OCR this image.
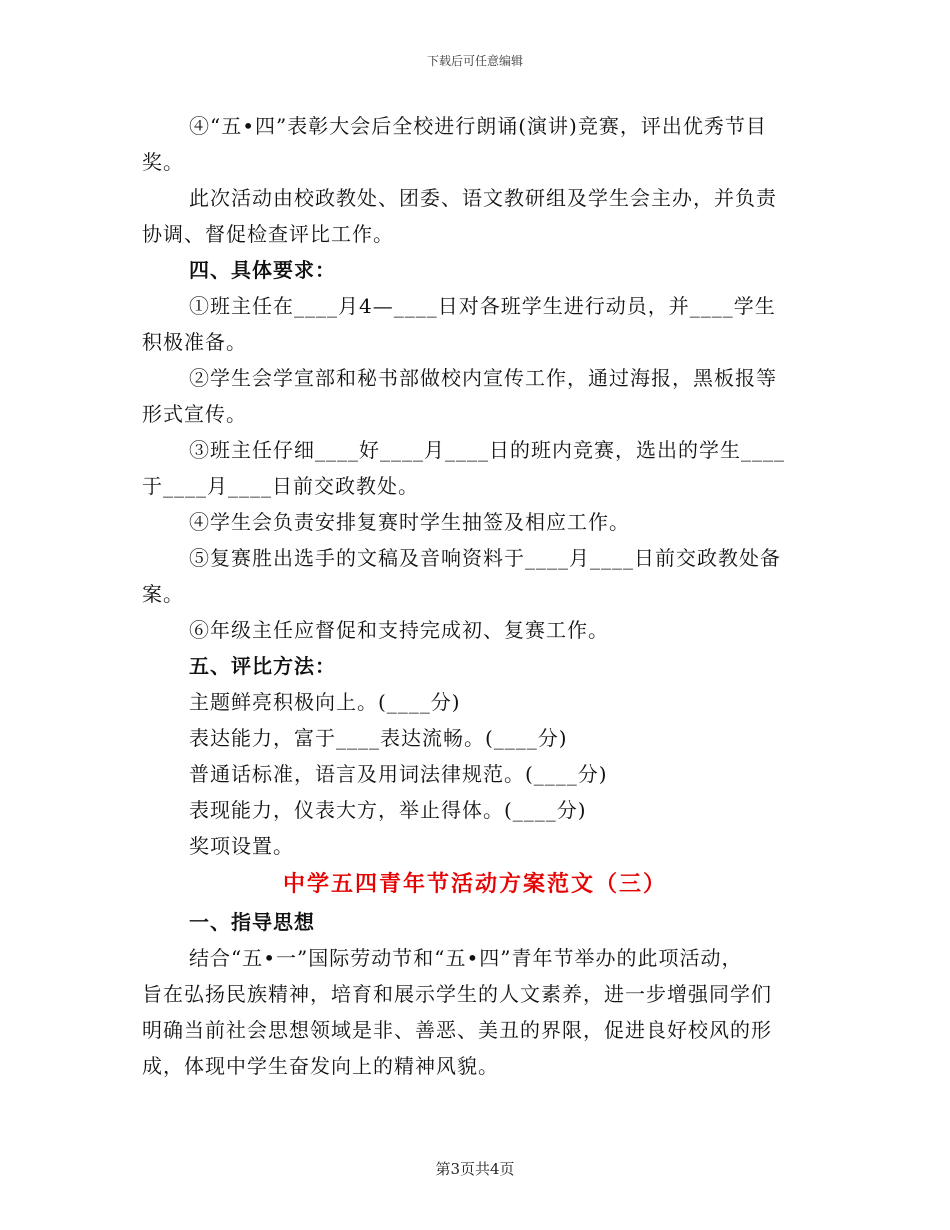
下载后可任意编辑
④“五•四”表彰大会后全校进行朗诵(演讲)竞赛，评出优秀节目
奖。
此次活动由校政教处、团委、语文教研组及学生会主办，并负责
协调、督促检查评比工作。
四、具体要求：
①班主任在____月4—____日对各班学生进行动员，并____学生
积极准备。
②学生会学宣部和秘书部做校内宣传工作，通过海报，黑板报等
形式宣传。
③班主任仔细____好____月____日的班内竞赛，选出的学生____
于____月____日前交政教处。
④学生会负责安排复赛时学生抽签及相应工作。
⑤复赛胜出选手的文稿及音响资料于____月____日前交政教处备
案。
⑥年级主任应督促和支持完成初、复赛工作。
五、评比方法：
主题鲜亮积极向上。(____分)
表达能力，富于____表达流畅。(____分)
普通话标准，语言及用词法律规范。(____分)
表现能力，仪表大方，举止得体。(____分)
奖项设置。
中学五四青年节活动方案范文（三）
一、指导思想
结合“五•一”国际劳动节和“五•四”青年节举办的此项活动，
旨在弘扬民族精神，培育和展示学生的人文素养，进一步增强同学们
明确当前社会思想领域是非、善恶、美丑的界限，促进良好校风的形
成，体现中学生奋发向上的精神风貌。
第3页共4页
